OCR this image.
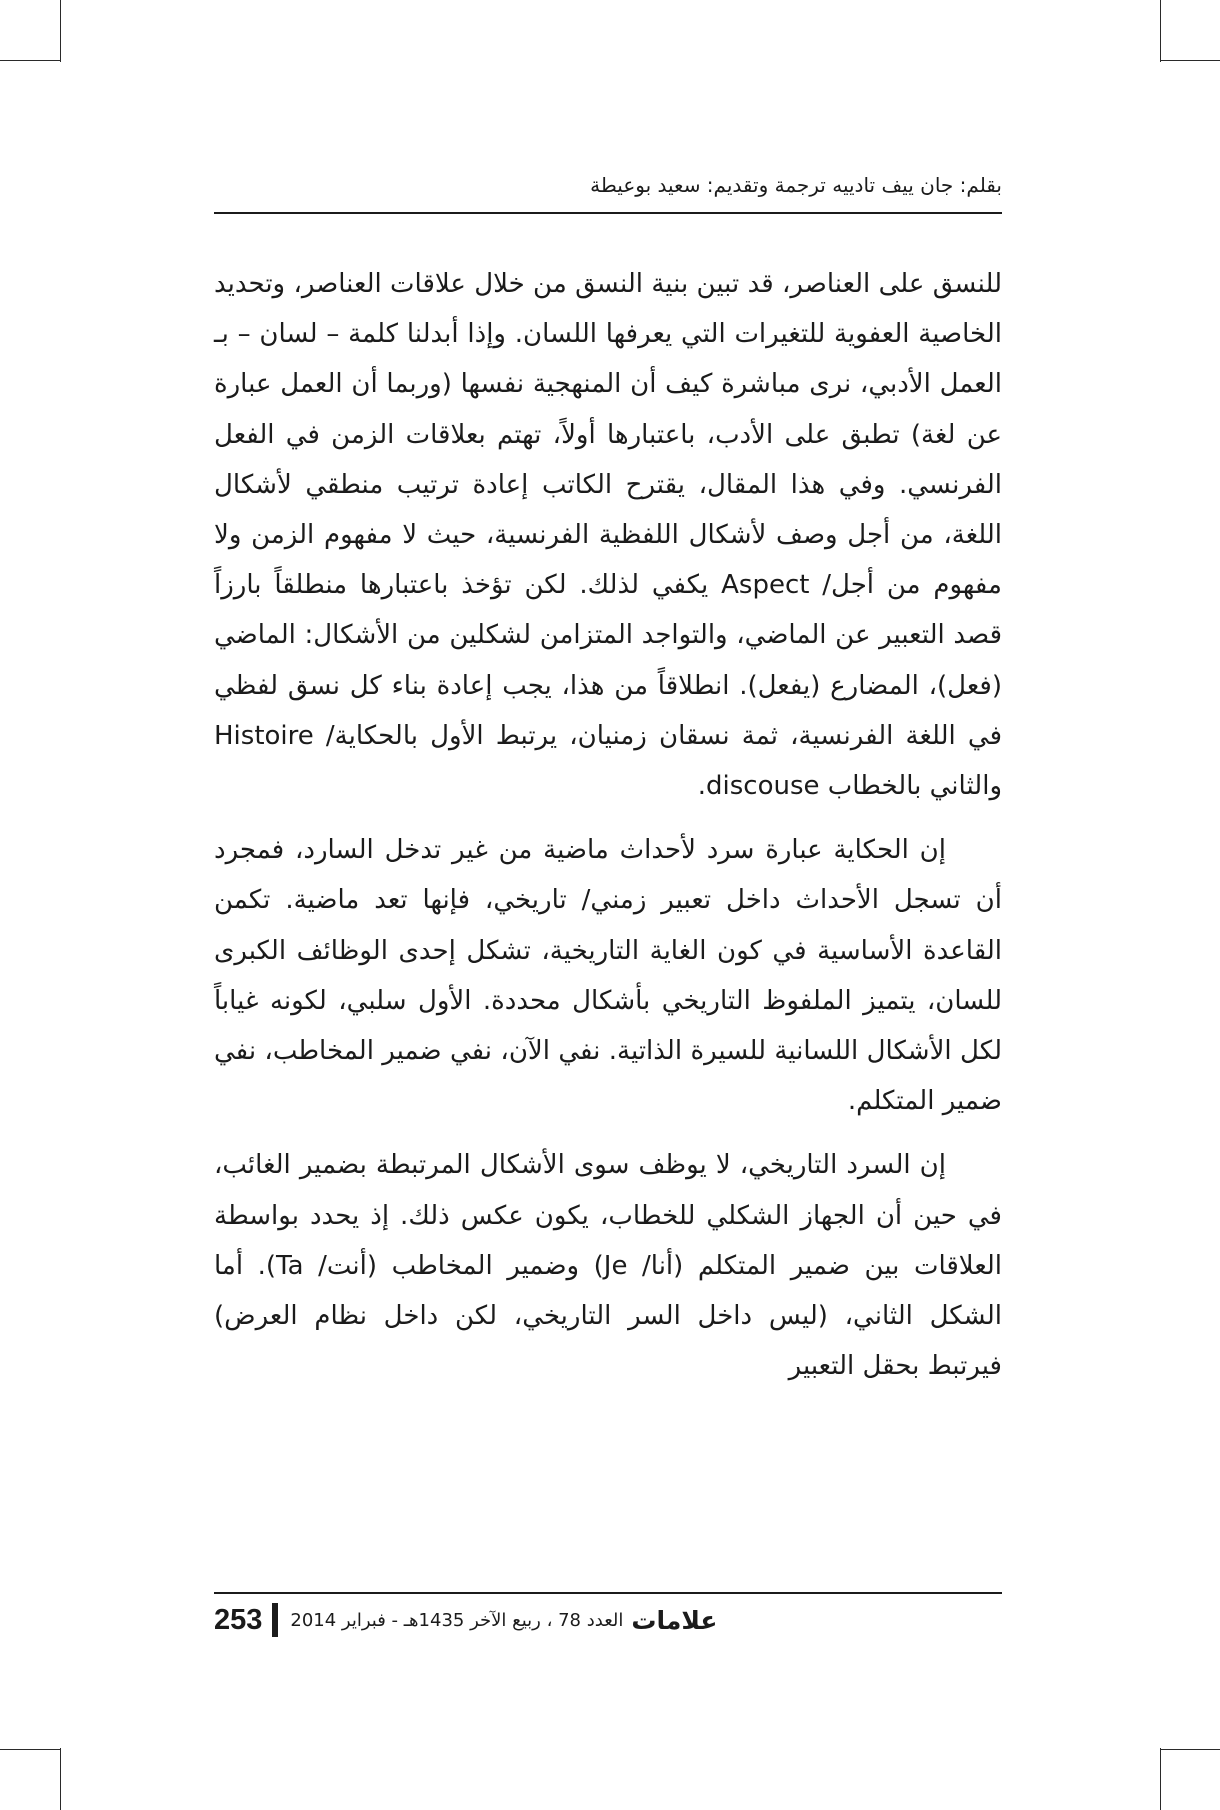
بقلم: جان ييف تادييه ترجمة وتقديم: سعيد بوعيطة

للنسق على العناصر، قد تبين بنية النسق من خلال علاقات العناصر، وتحديد الخاصية العفوية للتغيرات التي يعرفها اللسان. وإذا أبدلنا كلمة – لسان – بـ العمل الأدبي، نرى مباشرة كيف أن المنهجية نفسها (وربما أن العمل عبارة عن لغة) تطبق على الأدب، باعتبارها أولاً، تهتم بعلاقات الزمن في الفعل الفرنسي. وفي هذا المقال، يقترح الكاتب إعادة ترتيب منطقي لأشكال اللغة، من أجل وصف لأشكال اللفظية الفرنسية، حيث لا مفهوم الزمن ولا مفهوم من أجل/ Aspect يكفي لذلك. لكن تؤخذ باعتبارها منطلقاً بارزاً قصد التعبير عن الماضي، والتواجد المتزامن لشكلين من الأشكال: الماضي (فعل)، المضارع (يفعل). انطلاقاً من هذا، يجب إعادة بناء كل نسق لفظي في اللغة الفرنسية، ثمة نسقان زمنيان، يرتبط الأول بالحكاية/ Histoire والثاني بالخطاب discouse.

إن الحكاية عبارة سرد لأحداث ماضية من غير تدخل السارد، فمجرد أن تسجل الأحداث داخل تعبير زمني/ تاريخي، فإنها تعد ماضية. تكمن القاعدة الأساسية في كون الغاية التاريخية، تشكل إحدى الوظائف الكبرى للسان، يتميز الملفوظ التاريخي بأشكال محددة. الأول سلبي، لكونه غياباً لكل الأشكال اللسانية للسيرة الذاتية. نفي الآن، نفي ضمير المخاطب، نفي ضمير المتكلم.

إن السرد التاريخي، لا يوظف سوى الأشكال المرتبطة بضمير الغائب، في حين أن الجهاز الشكلي للخطاب، يكون عكس ذلك. إذ يحدد بواسطة العلاقات بين ضمير المتكلم (أنا/ Je) وضمير المخاطب (أنت/ Ta). أما الشكل الثاني، (ليس داخل السر التاريخي، لكن داخل نظام العرض) فيرتبط بحقل التعبير

253 العدد 78 ، ربيع الآخر 1435هـ - فبراير 2014 علامات
